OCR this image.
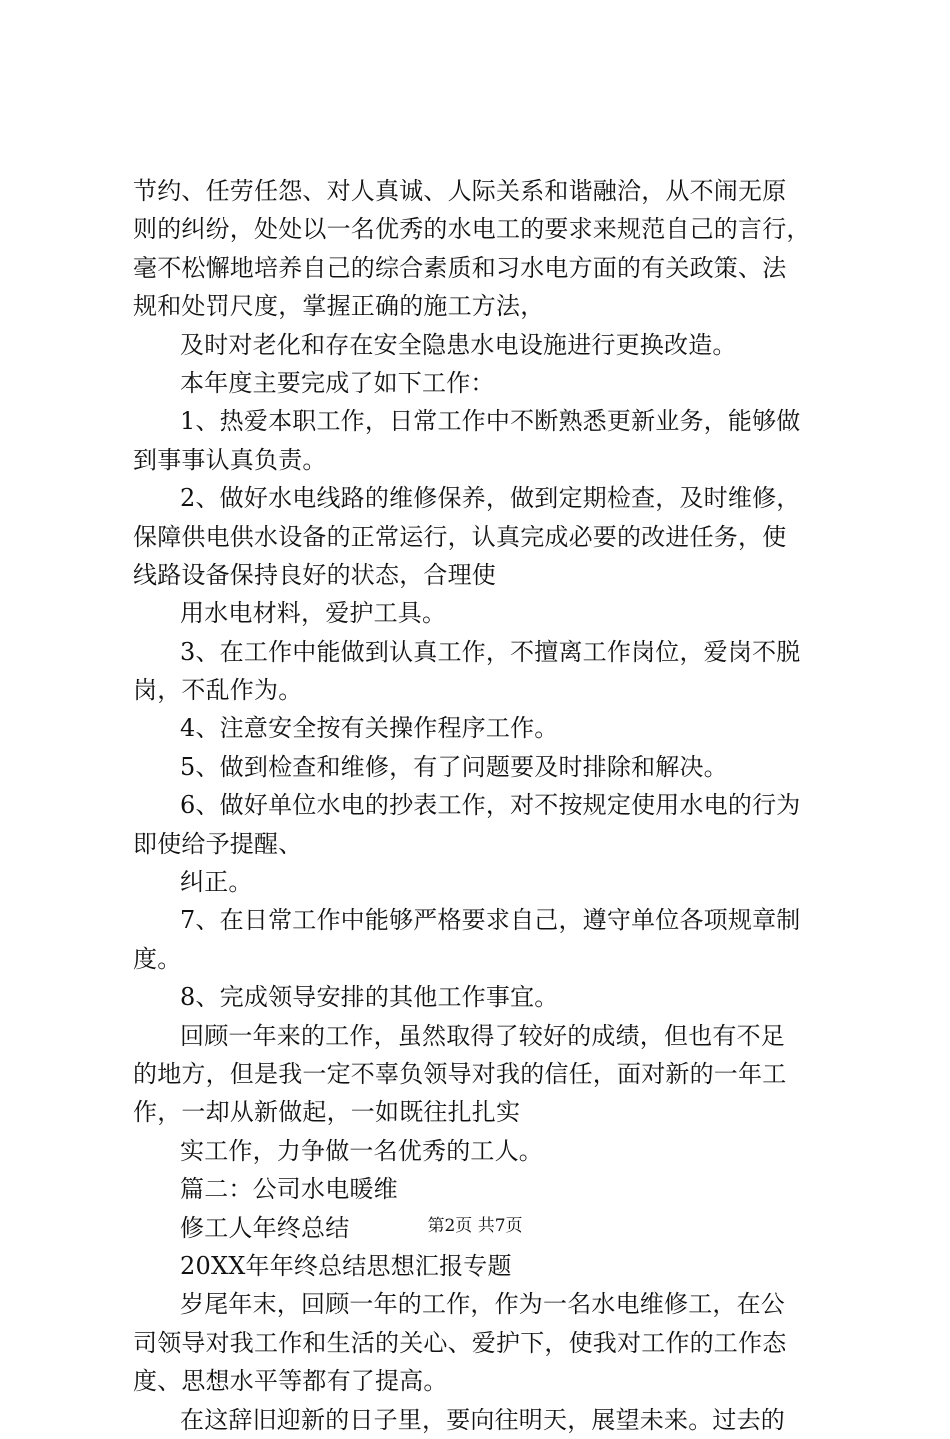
节约、任劳任怨、对人真诚、人际关系和谐融洽，从不闹无原
则的纠纷，处处以一名优秀的水电工的要求来规范自己的言行，
毫不松懈地培养自己的综合素质和习水电方面的有关政策、法
规和处罚尺度，掌握正确的施工方法，
及时对老化和存在安全隐患水电设施进行更换改造。
本年度主要完成了如下工作：
1、热爱本职工作，日常工作中不断熟悉更新业务，能够做
到事事认真负责。
2、做好水电线路的维修保养，做到定期检查，及时维修，
保障供电供水设备的正常运行，认真完成必要的改进任务，使
线路设备保持良好的状态，合理使
用水电材料，爱护工具。
3、在工作中能做到认真工作，不擅离工作岗位，爱岗不脱
岗，不乱作为。
4、注意安全按有关操作程序工作。
5、做到检查和维修，有了问题要及时排除和解决。
6、做好单位水电的抄表工作，对不按规定使用水电的行为
即使给予提醒、
纠正。
7、在日常工作中能够严格要求自己，遵守单位各项规章制
度。
8、完成领导安排的其他工作事宜。
回顾一年来的工作，虽然取得了较好的成绩，但也有不足
的地方，但是我一定不辜负领导对我的信任，面对新的一年工
作，一却从新做起，一如既往扎扎实
实工作，力争做一名优秀的工人。
篇二：公司水电暖维
修工人年终总结
20XX年年终总结思想汇报专题
岁尾年末，回顾一年的工作，作为一名水电维修工，在公
司领导对我工作和生活的关心、爱护下，使我对工作的工作态
度、思想水平等都有了提高。
在这辞旧迎新的日子里，要向往明天，展望未来。过去的
第2页 共7页
